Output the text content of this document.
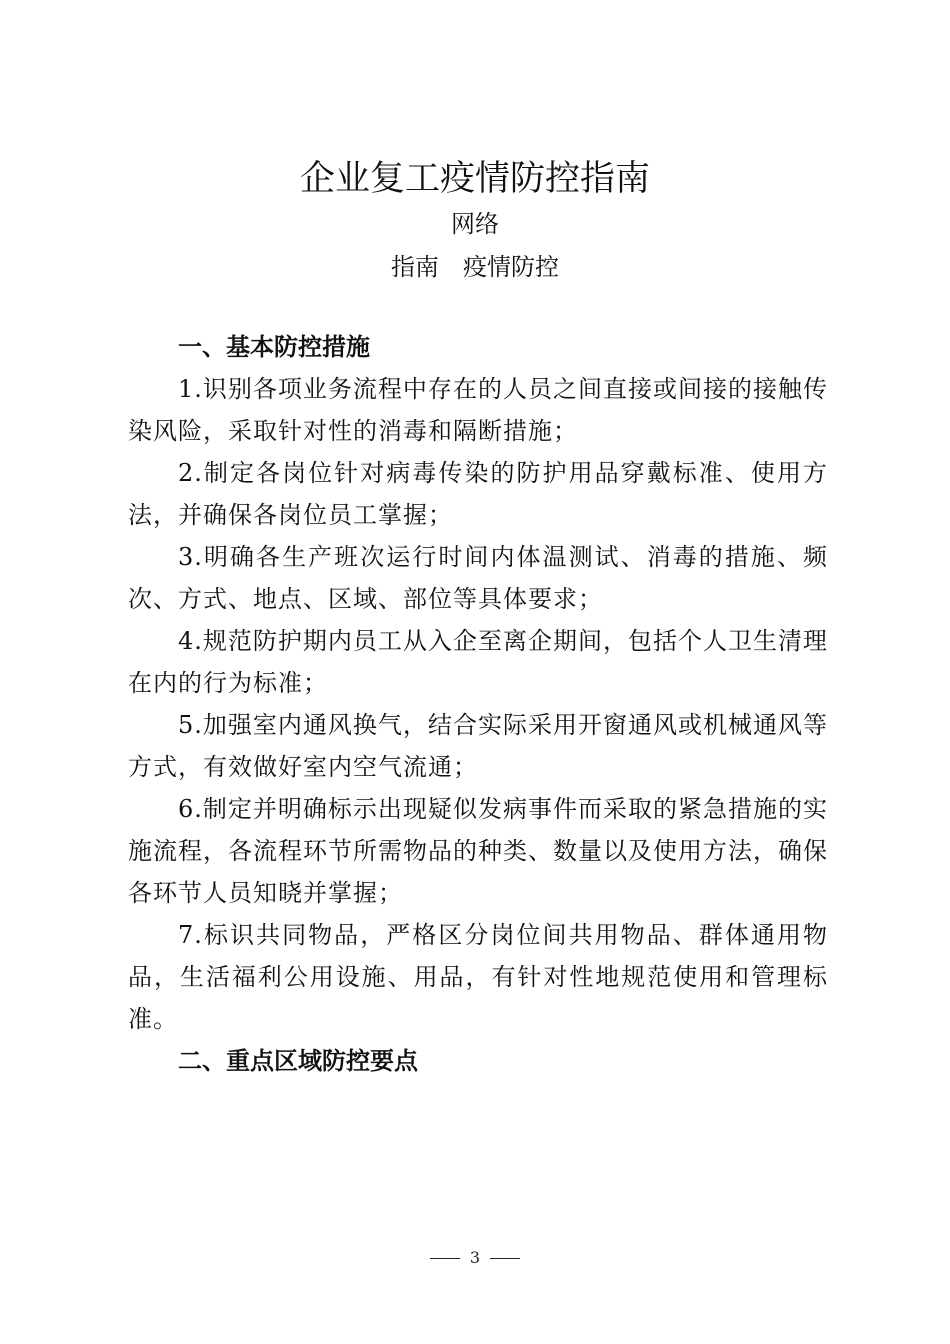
企业复工疫情防控指南

网络

指南 疫情防控

一、基本防控措施

1.识别各项业务流程中存在的人员之间直接或间接的接触传染风险，采取针对性的消毒和隔断措施；

2.制定各岗位针对病毒传染的防护用品穿戴标准、使用方法，并确保各岗位员工掌握；

3.明确各生产班次运行时间内体温测试、消毒的措施、频次、方式、地点、区域、部位等具体要求；

4.规范防护期内员工从入企至离企期间，包括个人卫生清理在内的行为标准；

5.加强室内通风换气，结合实际采用开窗通风或机械通风等方式，有效做好室内空气流通；

6.制定并明确标示出现疑似发病事件而采取的紧急措施的实施流程，各流程环节所需物品的种类、数量以及使用方法，确保各环节人员知晓并掌握；

7.标识共同物品，严格区分岗位间共用物品、群体通用物品，生活福利公用设施、用品，有针对性地规范使用和管理标准。

二、重点区域防控要点

3
